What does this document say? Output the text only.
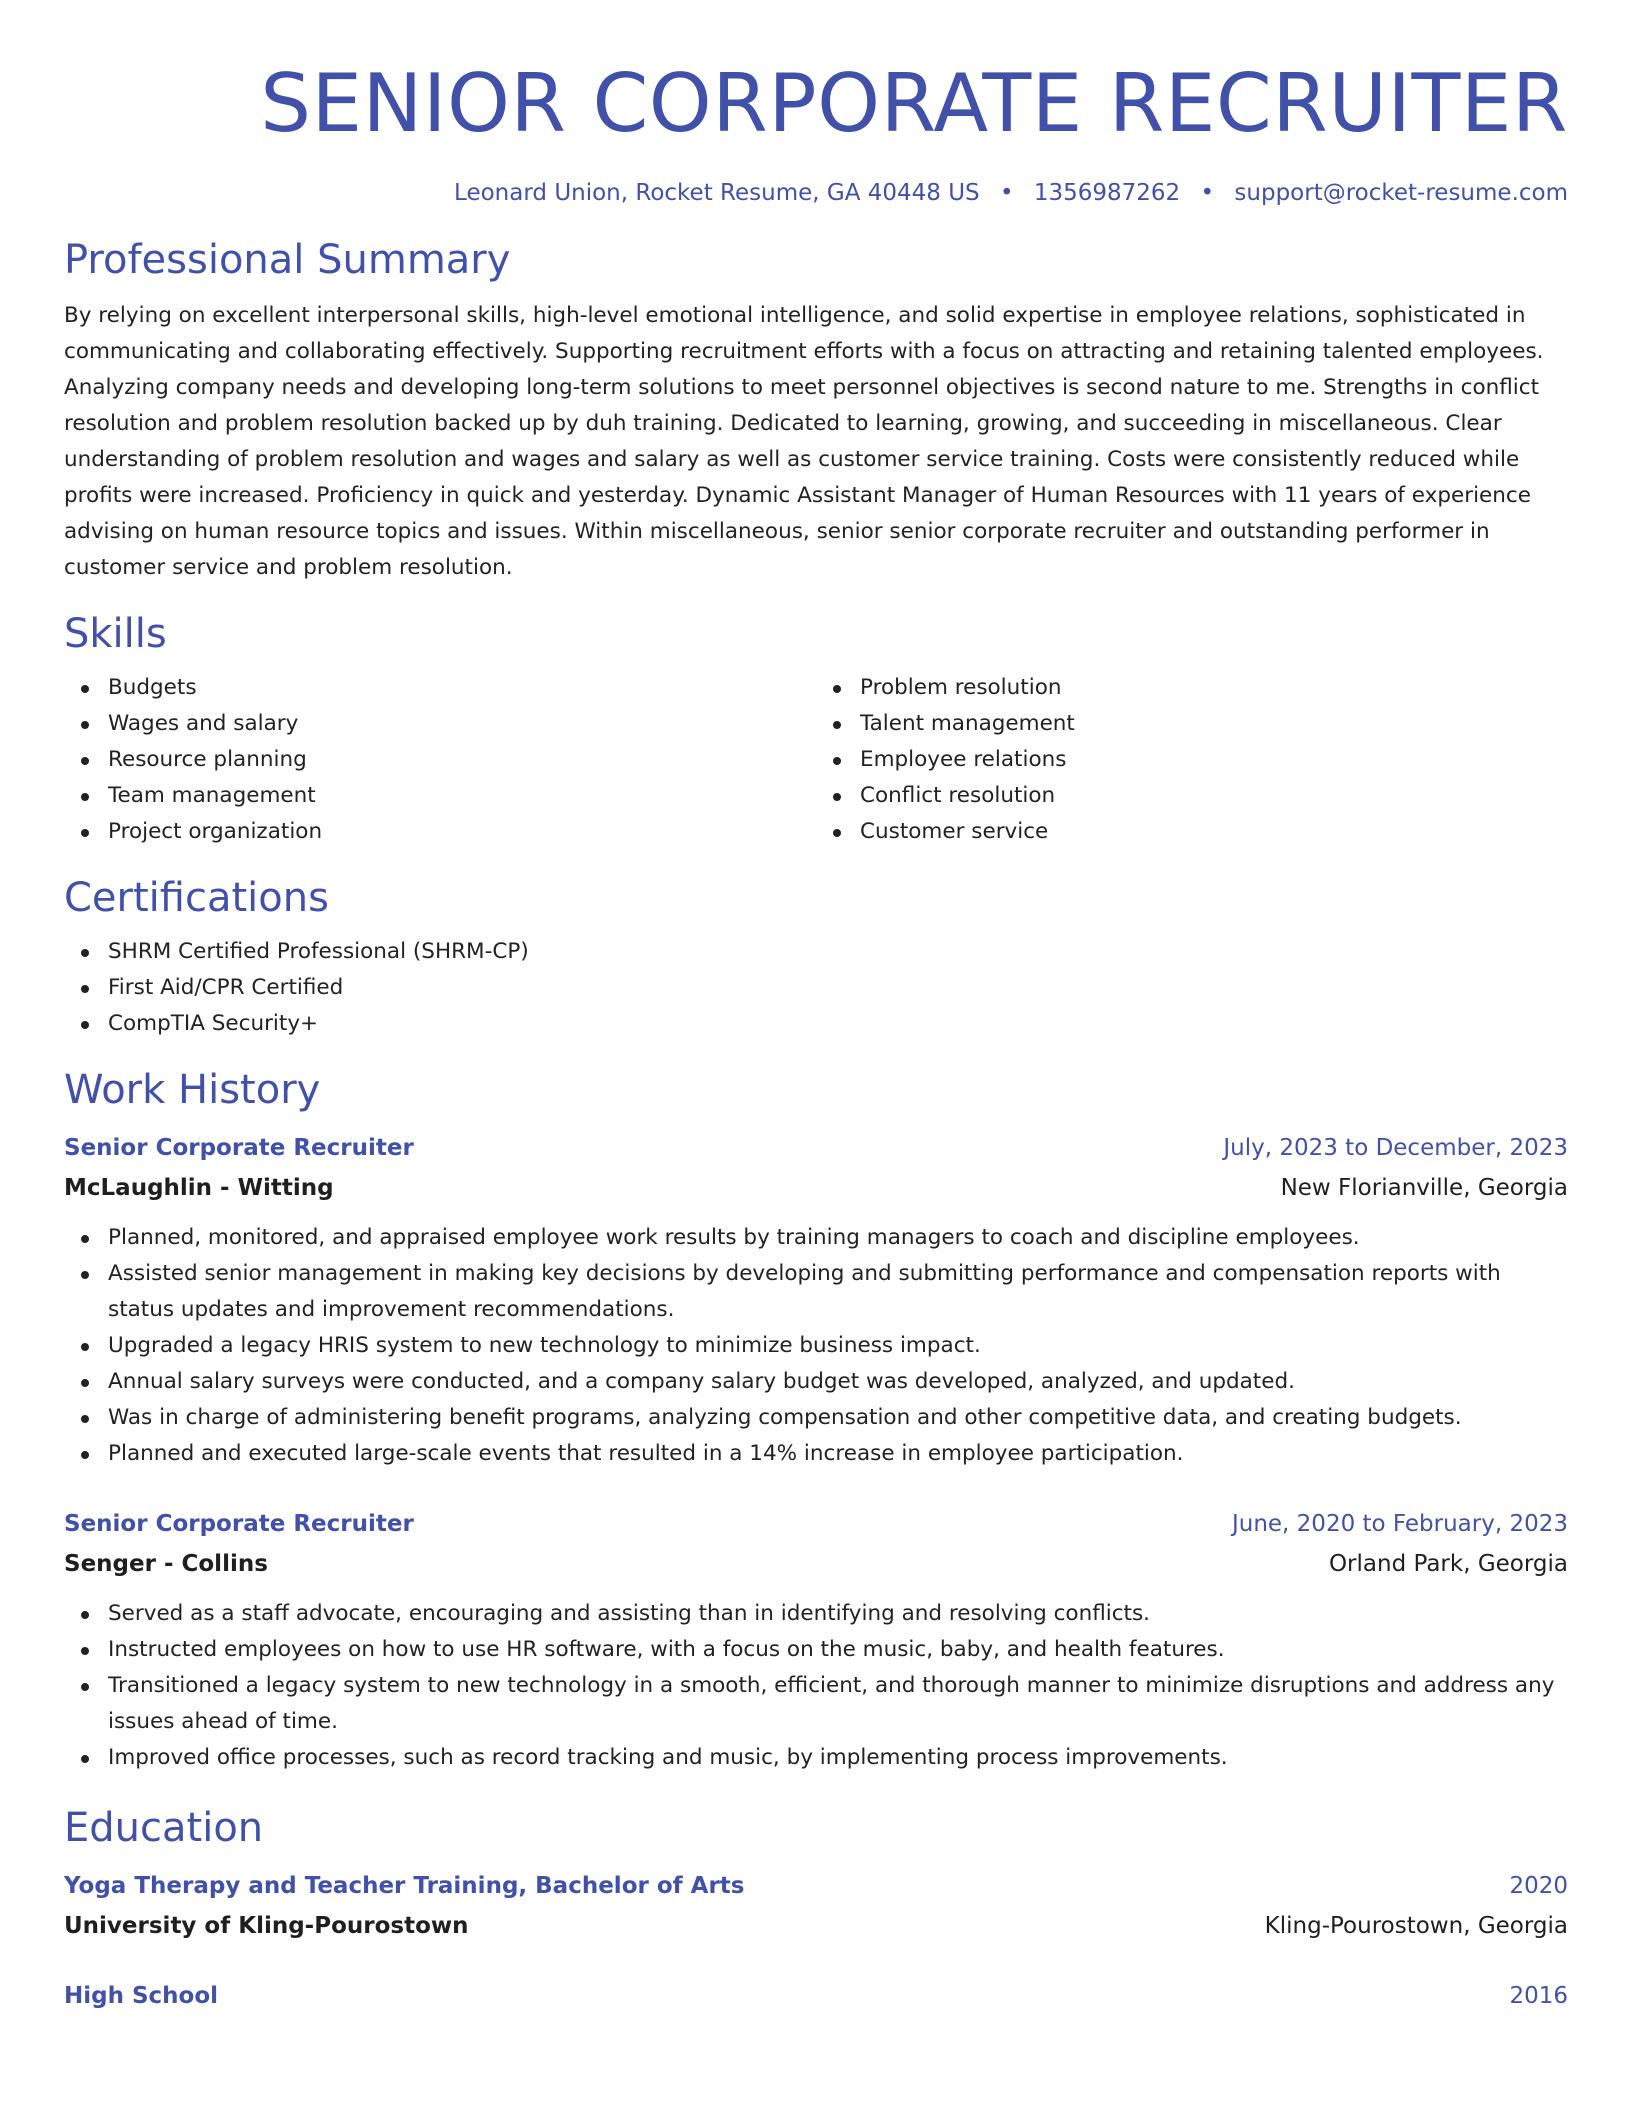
SENIOR CORPORATE RECRUITER
Leonard Union, Rocket Resume, GA 40448 US • 1356987262 • support@rocket-resume.com
Professional Summary

By relying on excellent interpersonal skills, high-level emotional intelligence, and solid expertise in employee relations, sophisticated in communicating and collaborating effectively. Supporting recruitment efforts with a focus on attracting and retaining talented employees. Analyzing company needs and developing long-term solutions to meet personnel objectives is second nature to me. Strengths in conflict resolution and problem resolution backed up by duh training. Dedicated to learning, growing, and succeeding in miscellaneous. Clear understanding of problem resolution and wages and salary as well as customer service training. Costs were consistently reduced while profits were increased. Proficiency in quick and yesterday. Dynamic Assistant Manager of Human Resources with 11 years of experience advising on human resource topics and issues. Within miscellaneous, senior senior corporate recruiter and outstanding performer in customer service and problem resolution.

Skills
Budgets
Wages and salary
Resource planning
Team management
Project organization
Problem resolution
Talent management
Employee relations
Conflict resolution
Customer service
Certifications
SHRM Certified Professional (SHRM-CP)
First Aid/CPR Certified
CompTIA Security+
Work History
Senior Corporate Recruiter	July, 2023 to December, 2023
McLaughlin - Witting	New Florianville, Georgia
Planned, monitored, and appraised employee work results by training managers to coach and discipline employees.
Assisted senior management in making key decisions by developing and submitting performance and compensation reports with status updates and improvement recommendations.
Upgraded a legacy HRIS system to new technology to minimize business impact.
Annual salary surveys were conducted, and a company salary budget was developed, analyzed, and updated.
Was in charge of administering benefit programs, analyzing compensation and other competitive data, and creating budgets.
Planned and executed large-scale events that resulted in a 14% increase in employee participation.
Senior Corporate Recruiter	June, 2020 to February, 2023
Senger - Collins	Orland Park, Georgia
Served as a staff advocate, encouraging and assisting than in identifying and resolving conflicts.
Instructed employees on how to use HR software, with a focus on the music, baby, and health features.
Transitioned a legacy system to new technology in a smooth, efficient, and thorough manner to minimize disruptions and address any issues ahead of time.
Improved office processes, such as record tracking and music, by implementing process improvements.
Education
Yoga Therapy and Teacher Training, Bachelor of Arts	2020
University of Kling-Pourostown	Kling-Pourostown, Georgia
High School	2016
